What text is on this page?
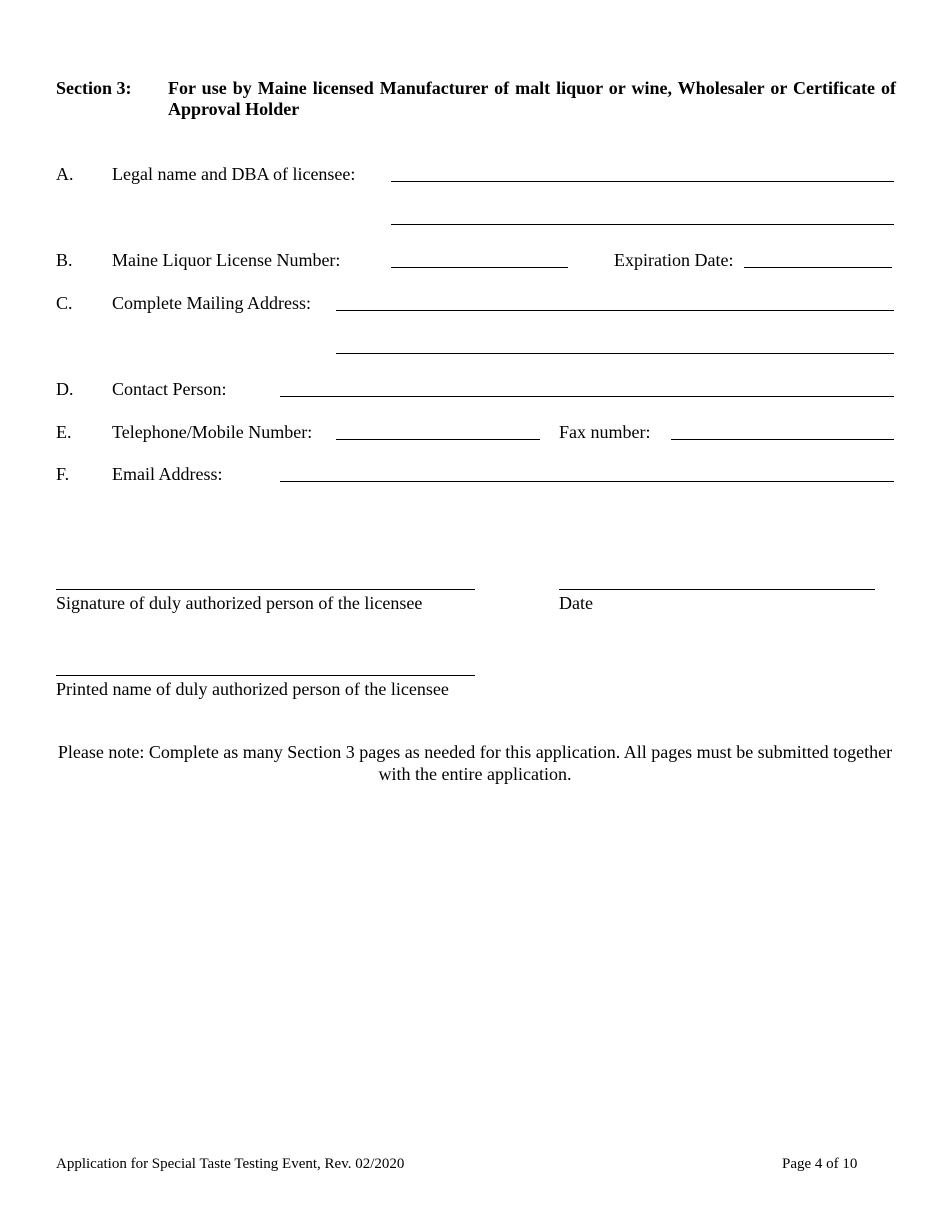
Section 3: For use by Maine licensed Manufacturer of malt liquor or wine, Wholesaler or Certificate of Approval Holder
A. Legal name and DBA of licensee:
B. Maine Liquor License Number:	Expiration Date:
C. Complete Mailing Address:
D. Contact Person:
E. Telephone/Mobile Number:	Fax number:
F. Email Address:
Signature of duly authorized person of the licensee	Date
Printed name of duly authorized person of the licensee
Please note: Complete as many Section 3 pages as needed for this application. All pages must be submitted together with the entire application.
Application for Special Taste Testing Event, Rev. 02/2020	Page 4 of 10
